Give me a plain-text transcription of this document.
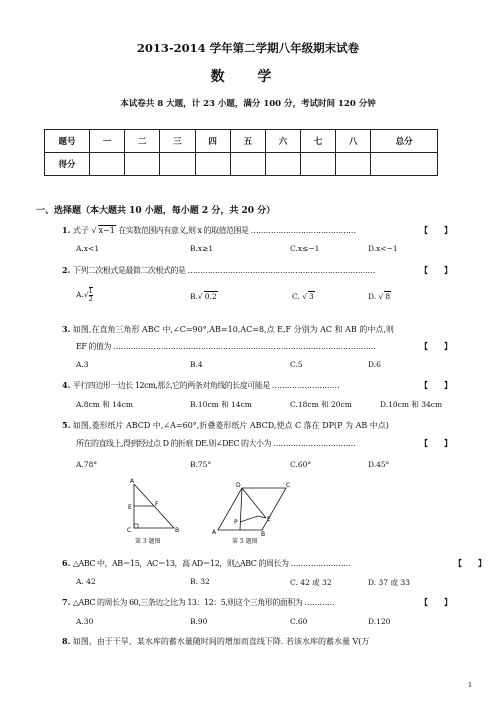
2013-2014 学年第二学期八年级期末试卷
数 学
本试卷共 8 大题，计 23 小题，满分 100 分，考试时间 120 分钟
题号	一	二	三	四	五	六	七	八	总分
得分									
一、选择题（本大题共 10 小题，每小题 2 分，共 20 分）
1. 式子 √ x−1 在实数范围内有意义,则 x 的取值范围是 ……………………………………	【　　】
A.x<1	B.x≥1	C.x≤−1	D.x<−1
2. 下列二次根式是最简二次根式的是 …………………………………………………………………	【　　】
$A.√ \frac{1}{2}$	B.√ 0.2	C. √ 3	D. √ 8
3. 如图,在直角三角形 ABC 中,∠C=90°,AB=10,AC=8,点 E,F 分别为 AC 和 AB 的中点,则
EF 的值为 ……………………………………………………………………………………………	【　　】
A.3	B.4	C.5	D.6
4. 平行四边形一边长 12cm,那么它的两条对角线的长度可能是 ………………………	【　　】
A.8cm 和 14cm	B.10cm 和 14cm	C.18cm 和 20cm	D.10cm 和 34cm
5. 如图,菱形纸片 ABCD 中,∠A=60°,折叠菱形纸片 ABCD,使点 C 落在 DP(P 为 AB 中点)
所在的直线上,得到经过点 D 的折痕 DE.则∠DEC 的大小为 ……………………………	【　　】
A.78°	B.75°	C.60°	D.45°
A
E	F
C	B
第 3 题图
D	C
E
P
A	B
第 5 题图
6. △ABC 中，AB＝15，AC＝13，高 AD＝12，则△ABC 的周长为 ……………………	【　　】
A. 42	B. 32	C. 42 或 32	D. 37 或 33
7. △ABC 的周长为 60,三条边之比为 13：12：5,则这个三角形的面积为 …………	【　　】
A.30	B.90	C.60	D.120
8. 如图，由于干旱，某水库的蓄水量随时间的增加而直线下降. 若该水库的蓄水量 V(万
1
